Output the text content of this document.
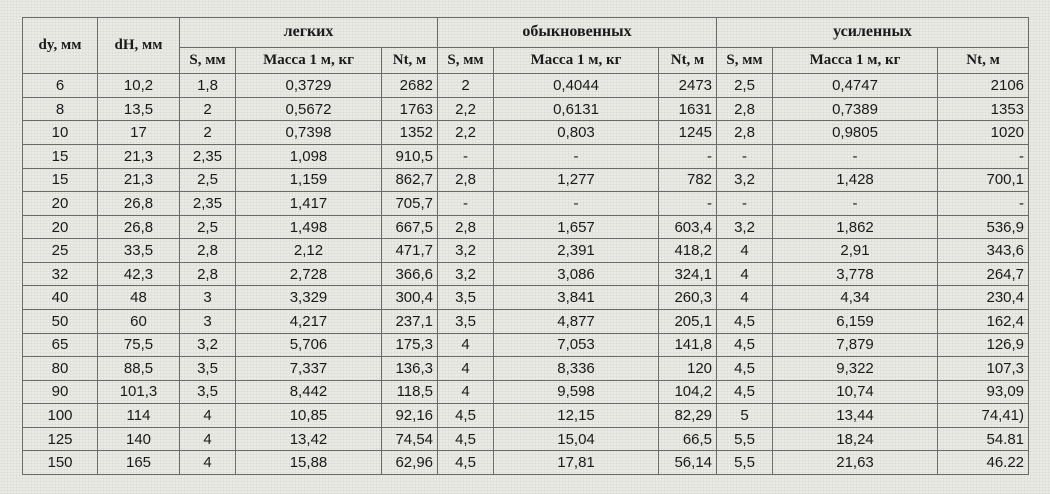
dy, мм	dH, мм	легких			обыкновенных			усиленных		
		S, мм	Масса 1 м, кг	Nt, м	S, мм	Масса 1 м, кг	Nt, м	S, мм	Масса 1 м, кг	Nt, м
6	10,2	1,8	0,3729	2682	2	0,4044	2473	2,5	0,4747	2106
8	13,5	2	0,5672	1763	2,2	0,6131	1631	2,8	0,7389	1353
10	17	2	0,7398	1352	2,2	0,803	1245	2,8	0,9805	1020
15	21,3	2,35	1,098	910,5	-	-	-	-	-	-
15	21,3	2,5	1,159	862,7	2,8	1,277	782	3,2	1,428	700,1
20	26,8	2,35	1,417	705,7	-	-	-	-	-	-
20	26,8	2,5	1,498	667,5	2,8	1,657	603,4	3,2	1,862	536,9
25	33,5	2,8	2,12	471,7	3,2	2,391	418,2	4	2,91	343,6
32	42,3	2,8	2,728	366,6	3,2	3,086	324,1	4	3,778	264,7
40	48	3	3,329	300,4	3,5	3,841	260,3	4	4,34	230,4
50	60	3	4,217	237,1	3,5	4,877	205,1	4,5	6,159	162,4
65	75,5	3,2	5,706	175,3	4	7,053	141,8	4,5	7,879	126,9
80	88,5	3,5	7,337	136,3	4	8,336	120	4,5	9,322	107,3
90	101,3	3,5	8,442	118,5	4	9,598	104,2	4,5	10,74	93,09
100	114	4	10,85	92,16	4,5	12,15	82,29	5	13,44	74,41)
125	140	4	13,42	74,54	4,5	15,04	66,5	5,5	18,24	54.81
150	165	4	15,88	62,96	4,5	17,81	56,14	5,5	21,63	46.22
